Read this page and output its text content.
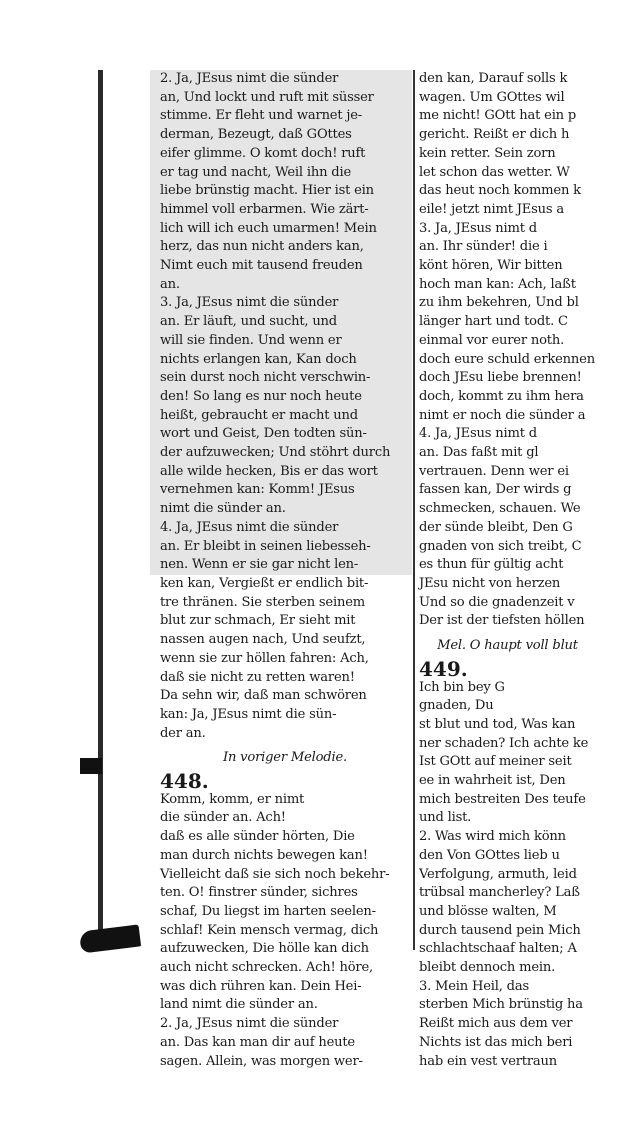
2. Ja, JEsus nimt die sünder
an, Und lockt und ruft mit süsser
stimme. Er fleht und warnet je-
derman, Bezeugt, daß GOttes
eifer glimme. O komt doch! ruft
er tag und nacht, Weil ihn die
liebe brünstig macht. Hier ist ein
himmel voll erbarmen. Wie zärt-
lich will ich euch umarmen! Mein
herz, das nun nicht anders kan,
Nimt euch mit tausend freuden
an.
3. Ja, JEsus nimt die sünder
an. Er läuft, und sucht, und
will sie finden. Und wenn er
nichts erlangen kan, Kan doch
sein durst noch nicht verschwin-
den! So lang es nur noch heute
heißt, gebraucht er macht und
wort und Geist, Den todten sün-
der aufzuwecken; Und stöhrt durch
alle wilde hecken, Bis er das wort
vernehmen kan: Komm! JEsus
nimt die sünder an.
4. Ja, JEsus nimt die sünder
an. Er bleibt in seinen liebesseh-
nen. Wenn er sie gar nicht len-
ken kan, Vergießt er endlich bit-
tre thränen. Sie sterben seinem
blut zur schmach, Er sieht mit
nassen augen nach, Und seufzt,
wenn sie zur höllen fahren: Ach,
daß sie nicht zu retten waren!
Da sehn wir, daß man schwören
kan: Ja, JEsus nimt die sün-
der an.
In voriger Melodie.
448.
Komm, komm, er nimt
die sünder an. Ach!
daß es alle sünder hörten, Die
man durch nichts bewegen kan!
Vielleicht daß sie sich noch bekehr-
ten. O! finstrer sünder, sichres
schaf, Du liegst im harten seelen-
schlaf! Kein mensch vermag, dich
aufzuwecken, Die hölle kan dich
auch nicht schrecken. Ach! höre,
was dich rühren kan. Dein Hei-
land nimt die sünder an.
2. Ja, JEsus nimt die sünder
an. Das kan man dir auf heute
sagen. Allein, was morgen wer-
den kan, Darauf solls k
wagen. Um GOttes wil
me nicht! GOtt hat ein p
gericht. Reißt er dich h
kein retter. Sein zorn
let schon das wetter. W
das heut noch kommen k
eile! jetzt nimt JEsus a
3. Ja, JEsus nimt d
an. Ihr sünder! die i
könt hören, Wir bitten
hoch man kan: Ach, laßt
zu ihm bekehren, Und bl
länger hart und todt. C
einmal vor eurer noth.
doch eure schuld erkennen
doch JEsu liebe brennen!
doch, kommt zu ihm hera
nimt er noch die sünder a
4. Ja, JEsus nimt d
an. Das faßt mit gl
vertrauen. Denn wer ei
fassen kan, Der wirds g
schmecken, schauen. We
der sünde bleibt, Den G
gnaden von sich treibt, C
es thun für gültig acht
JEsu nicht von herzen
Und so die gnadenzeit v
Der ist der tiefsten höllen
Mel. O haupt voll blut
449.
Ich bin bey G
gnaden, Du
st blut und tod, Was kan
ner schaden? Ich achte ke
Ist GOtt auf meiner seit
ee in wahrheit ist, Den
mich bestreiten Des teufe
und list.
2. Was wird mich könn
den Von GOttes lieb u
Verfolgung, armuth, leid
trübsal mancherley? Laß
und blösse walten, M
durch tausend pein Mich
schlachtschaaf halten; A
bleibt dennoch mein.
3. Mein Heil, das
sterben Mich brünstig ha
Reißt mich aus dem ver
Nichts ist das mich beri
hab ein vest vertraun
